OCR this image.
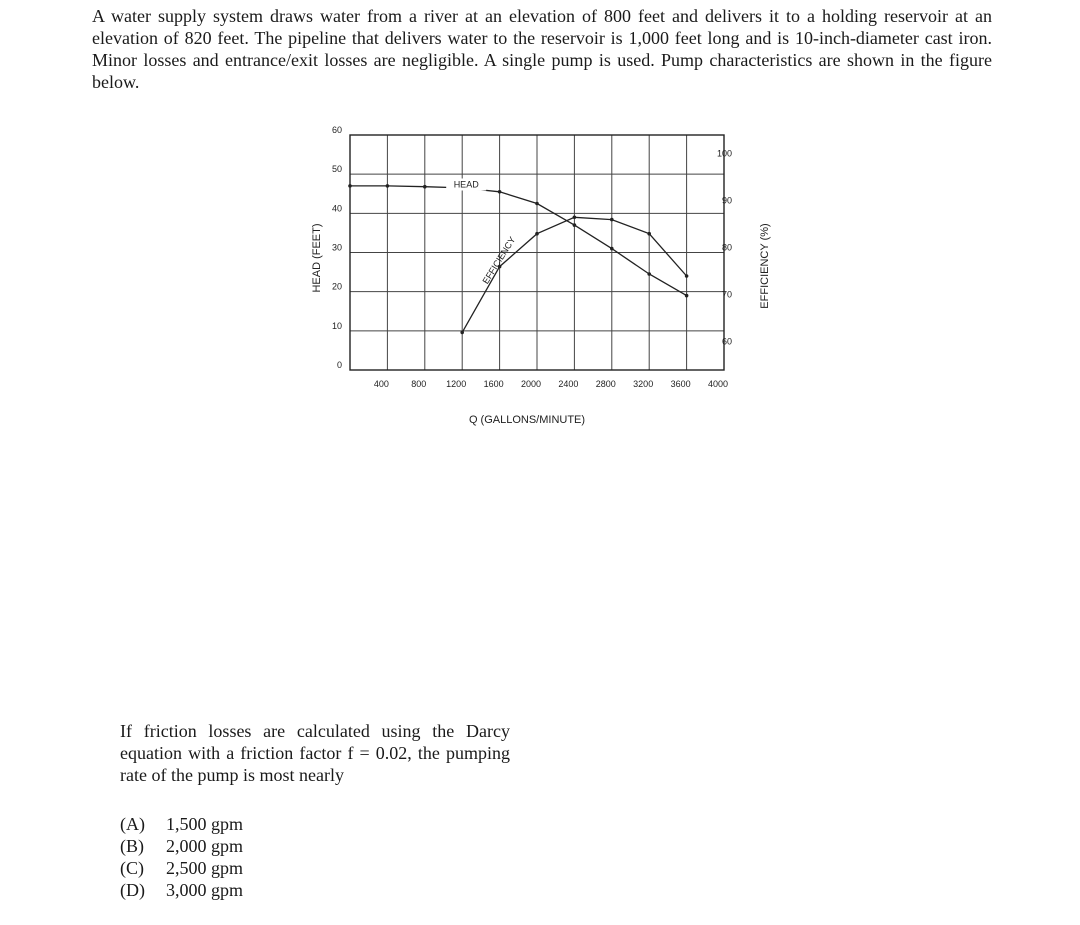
A water supply system draws water from a river at an elevation of 800 feet and delivers it to a holding reservoir at an elevation of 820 feet. The pipeline that delivers water to the reservoir is 1,000 feet long and is 10-inch-diameter cast iron. Minor losses and entrance/exit losses are negligible. A single pump is used. Pump characteristics are shown in the figure below.
400 800 1200 1600 2000 2400 2800 3200 3600 4000
0
10
20
30
40
50
60
60
70
80
90
100
HEAD
EFFICIENCY
Q (GALLONS/MINUTE)
HEAD (FEET)	EFFICIENCY (%)
If friction losses are calculated using the Darcy equation with a friction factor f = 0.02, the pumping rate of the pump is most nearly
(A) 1,500 gpm
(B) 2,000 gpm
(C) 2,500 gpm
(D) 3,000 gpm
